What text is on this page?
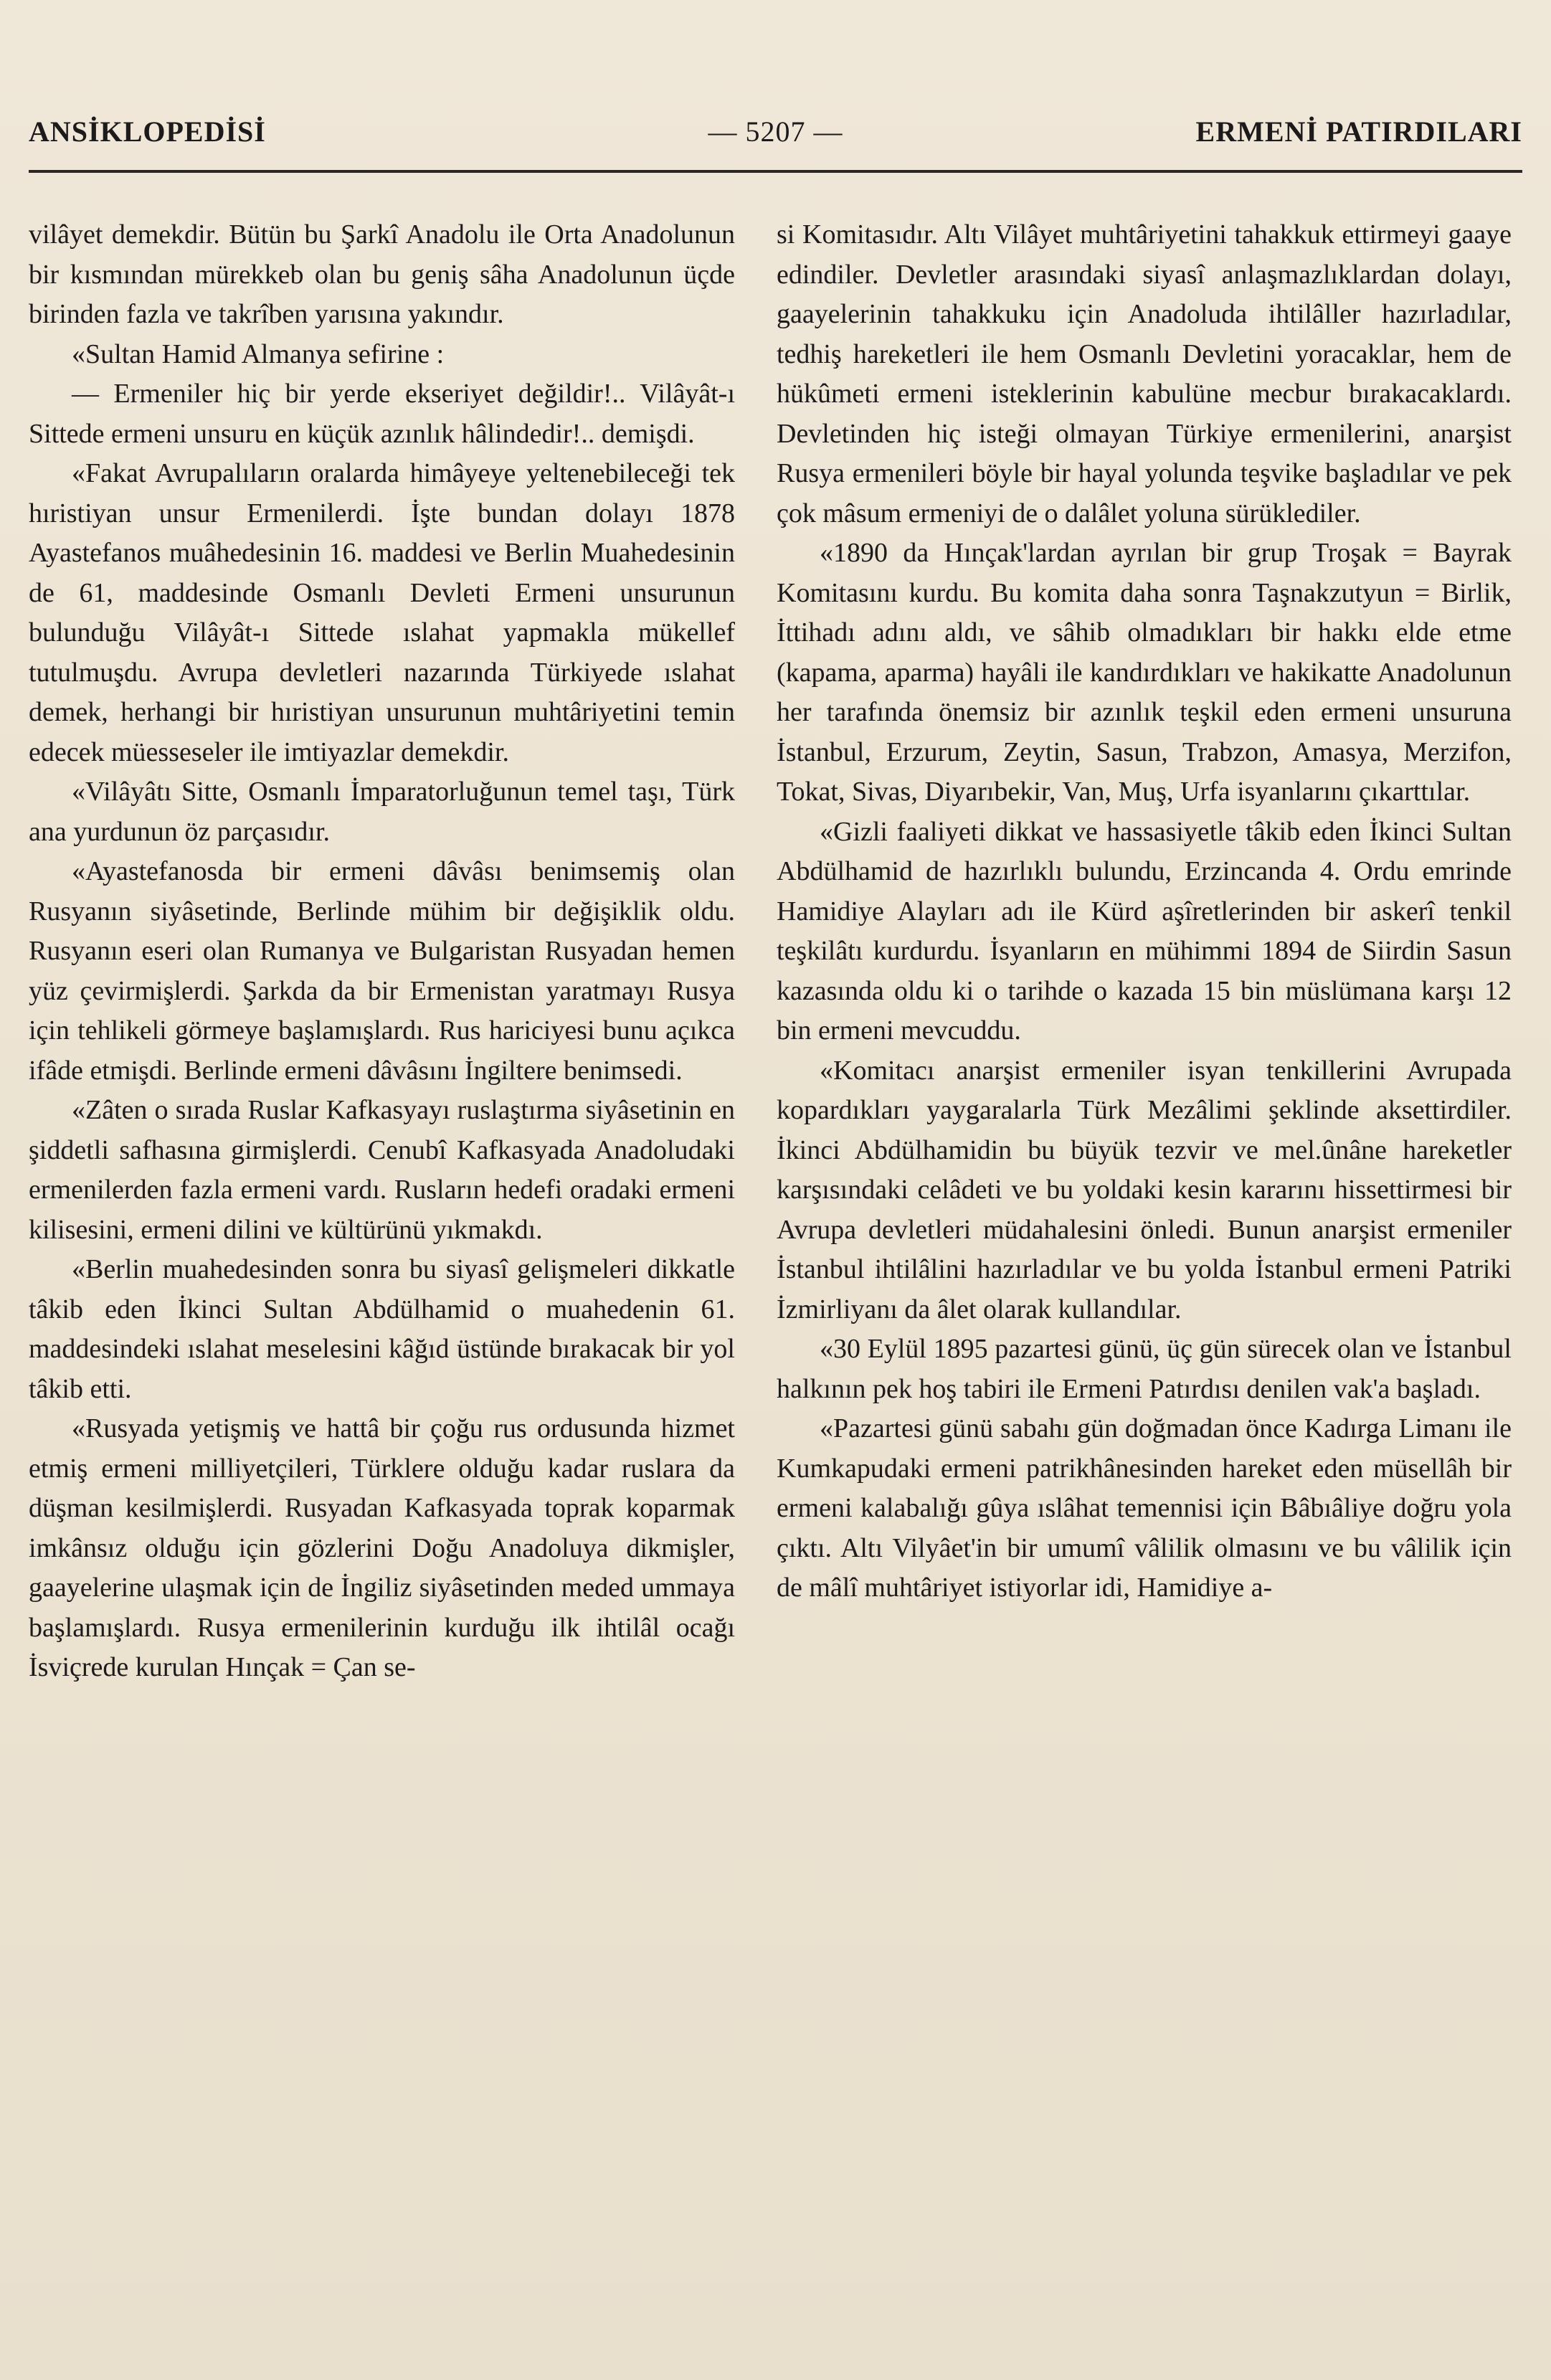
ANSİKLOPEDİSİ	— 5207 —	ERMENİ PATIRDILARI

vilâyet demekdir. Bütün bu Şarkî Anadolu ile Orta Anadolunun bir kısmından mürekkeb olan bu geniş sâha Anadolunun üçde birinden fazla ve takrîben yarısına yakındır.

«Sultan Hamid Almanya sefirine :

— Ermeniler hiç bir yerde ekseriyet değildir!.. Vilâyât-ı Sittede ermeni unsuru en küçük azınlık hâlindedir!.. demişdi.

«Fakat Avrupalıların oralarda himâyeye yeltenebileceği tek hıristiyan unsur Ermenilerdi. İşte bundan dolayı 1878 Ayastefanos muâhedesinin 16. maddesi ve Berlin Muahedesinin de 61, maddesinde Osmanlı Devleti Ermeni unsurunun bulunduğu Vilâyât-ı Sittede ıslahat yapmakla mükellef tutulmuşdu. Avrupa devletleri nazarında Türkiyede ıslahat demek, herhangi bir hıristiyan unsurunun muhtâriyetini temin edecek müesseseler ile imtiyazlar demekdir.

«Vilâyâtı Sitte, Osmanlı İmparatorluğunun temel taşı, Türk ana yurdunun öz parçasıdır.

«Ayastefanosda bir ermeni dâvâsı benimsemiş olan Rusyanın siyâsetinde, Berlinde mühim bir değişiklik oldu. Rusyanın eseri olan Rumanya ve Bulgaristan Rusyadan hemen yüz çevirmişlerdi. Şarkda da bir Ermenistan yaratmayı Rusya için tehlikeli görmeye başlamışlardı. Rus hariciyesi bunu açıkca ifâde etmişdi. Berlinde ermeni dâvâsını İngiltere benimsedi.

«Zâten o sırada Ruslar Kafkasyayı ruslaştırma siyâsetinin en şiddetli safhasına girmişlerdi. Cenubî Kafkasyada Anadoludaki ermenilerden fazla ermeni vardı. Rusların hedefi oradaki ermeni kilisesini, ermeni dilini ve kültürünü yıkmakdı.

«Berlin muahedesinden sonra bu siyasî gelişmeleri dikkatle tâkib eden İkinci Sultan Abdülhamid o muahedenin 61. maddesindeki ıslahat meselesini kâğıd üstünde bırakacak bir yol tâkib etti.

«Rusyada yetişmiş ve hattâ bir çoğu rus ordusunda hizmet etmiş ermeni milliyetçileri, Türklere olduğu kadar ruslara da düşman kesilmişlerdi. Rusyadan Kafkasyada toprak koparmak imkânsız olduğu için gözlerini Doğu Anadoluya dikmişler, gaayelerine ulaşmak için de İngiliz siyâsetinden meded ummaya başlamışlardı. Rusya ermenilerinin kurduğu ilk ihtilâl ocağı İsviçrede kurulan Hınçak = Çan se-

si Komitasıdır. Altı Vilâyet muhtâriyetini tahakkuk ettirmeyi gaaye edindiler. Devletler arasındaki siyasî anlaşmazlıklardan dolayı, gaayelerinin tahakkuku için Anadoluda ihtilâller hazırladılar, tedhiş hareketleri ile hem Osmanlı Devletini yoracaklar, hem de hükûmeti ermeni isteklerinin kabulüne mecbur bırakacaklardı. Devletinden hiç isteği olmayan Türkiye ermenilerini, anarşist Rusya ermenileri böyle bir hayal yolunda teşvike başladılar ve pek çok mâsum ermeniyi de o dalâlet yoluna sürüklediler.

«1890 da Hınçak'lardan ayrılan bir grup Troşak = Bayrak Komitasını kurdu. Bu komita daha sonra Taşnakzutyun = Birlik, İttihadı adını aldı, ve sâhib olmadıkları bir hakkı elde etme (kapama, aparma) hayâli ile kandırdıkları ve hakikatte Anadolunun her tarafında önemsiz bir azınlık teşkil eden ermeni unsuruna İstanbul, Erzurum, Zeytin, Sasun, Trabzon, Amasya, Merzifon, Tokat, Sivas, Diyarıbekir, Van, Muş, Urfa isyanlarını çıkarttılar.

«Gizli faaliyeti dikkat ve hassasiyetle tâkib eden İkinci Sultan Abdülhamid de hazırlıklı bulundu, Erzincanda 4. Ordu emrinde Hamidiye Alayları adı ile Kürd aşîretlerinden bir askerî tenkil teşkilâtı kurdurdu. İsyanların en mühimmi 1894 de Siirdin Sasun kazasında oldu ki o tarihde o kazada 15 bin müslümana karşı 12 bin ermeni mevcuddu.

«Komitacı anarşist ermeniler isyan tenkillerini Avrupada kopardıkları yaygaralarla Türk Mezâlimi şeklinde aksettirdiler. İkinci Abdülhamidin bu büyük tezvir ve mel.ûnâne hareketler karşısındaki celâdeti ve bu yoldaki kesin kararını hissettirmesi bir Avrupa devletleri müdahalesini önledi. Bunun anarşist ermeniler İstanbul ihtilâlini hazırladılar ve bu yolda İstanbul ermeni Patriki İzmirliyanı da âlet olarak kullandılar.

«30 Eylül 1895 pazartesi günü, üç gün sürecek olan ve İstanbul halkının pek hoş tabiri ile Ermeni Patırdısı denilen vak'a başladı.

«Pazartesi günü sabahı gün doğmadan önce Kadırga Limanı ile Kumkapudaki ermeni patrikhânesinden hareket eden müsellâh bir ermeni kalabalığı gûya ıslâhat temennisi için Bâbıâliye doğru yola çıktı. Altı Vilyâet'in bir umumî vâlilik olmasını ve bu vâlilik için de mâlî muhtâriyet istiyorlar idi, Hamidiye a-
